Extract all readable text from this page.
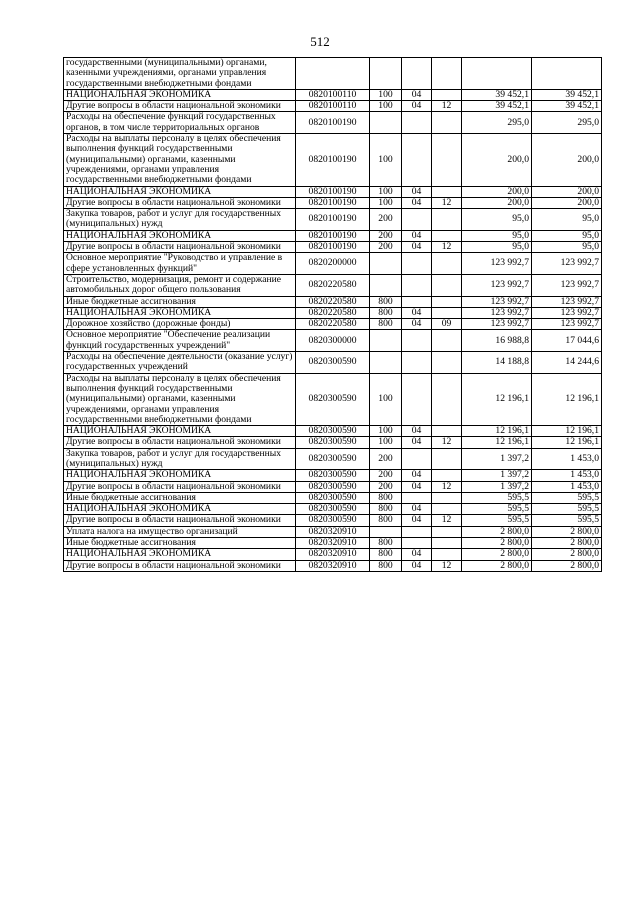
512
государственными (муниципальными) органами, казенными учреждениями, органами управления государственными внебюджетными фондами						
НАЦИОНАЛЬНАЯ ЭКОНОМИКА	0820100110	100	04		39 452,1	39 452,1
Другие вопросы в области национальной экономики	0820100110	100	04	12	39 452,1	39 452,1
Расходы на обеспечение функций государственных органов, в том числе территориальных органов	0820100190				295,0	295,0
Расходы на выплаты персоналу в целях обеспечения выполнения функций государственными (муниципальными) органами, казенными учреждениями, органами управления государственными внебюджетными фондами	0820100190	100			200,0	200,0
НАЦИОНАЛЬНАЯ ЭКОНОМИКА	0820100190	100	04		200,0	200,0
Другие вопросы в области национальной экономики	0820100190	100	04	12	200,0	200,0
Закупка товаров, работ и услуг для государственных (муниципальных) нужд	0820100190	200			95,0	95,0
НАЦИОНАЛЬНАЯ ЭКОНОМИКА	0820100190	200	04		95,0	95,0
Другие вопросы в области национальной экономики	0820100190	200	04	12	95,0	95,0
Основное мероприятие "Руководство и управление в сфере установленных функций"	0820200000				123 992,7	123 992,7
Строительство, модернизация, ремонт и содержание автомобильных дорог общего пользования	0820220580				123 992,7	123 992,7
Иные бюджетные ассигнования	0820220580	800			123 992,7	123 992,7
НАЦИОНАЛЬНАЯ ЭКОНОМИКА	0820220580	800	04		123 992,7	123 992,7
Дорожное хозяйство (дорожные фонды)	0820220580	800	04	09	123 992,7	123 992,7
Основное мероприятие "Обеспечение реализации функций государственных учреждений"	0820300000				16 988,8	17 044,6
Расходы на обеспечение деятельности (оказание услуг) государственных учреждений	0820300590				14 188,8	14 244,6
Расходы на выплаты персоналу в целях обеспечения выполнения функций государственными (муниципальными) органами, казенными учреждениями, органами управления государственными внебюджетными фондами	0820300590	100			12 196,1	12 196,1
НАЦИОНАЛЬНАЯ ЭКОНОМИКА	0820300590	100	04		12 196,1	12 196,1
Другие вопросы в области национальной экономики	0820300590	100	04	12	12 196,1	12 196,1
Закупка товаров, работ и услуг для государственных (муниципальных) нужд	0820300590	200			1 397,2	1 453,0
НАЦИОНАЛЬНАЯ ЭКОНОМИКА	0820300590	200	04		1 397,2	1 453,0
Другие вопросы в области национальной экономики	0820300590	200	04	12	1 397,2	1 453,0
Иные бюджетные ассигнования	0820300590	800			595,5	595,5
НАЦИОНАЛЬНАЯ ЭКОНОМИКА	0820300590	800	04		595,5	595,5
Другие вопросы в области национальной экономики	0820300590	800	04	12	595,5	595,5
Уплата налога на имущество организаций	0820320910				2 800,0	2 800,0
Иные бюджетные ассигнования	0820320910	800			2 800,0	2 800,0
НАЦИОНАЛЬНАЯ ЭКОНОМИКА	0820320910	800	04		2 800,0	2 800,0
Другие вопросы в области национальной экономики	0820320910	800	04	12	2 800,0	2 800,0
